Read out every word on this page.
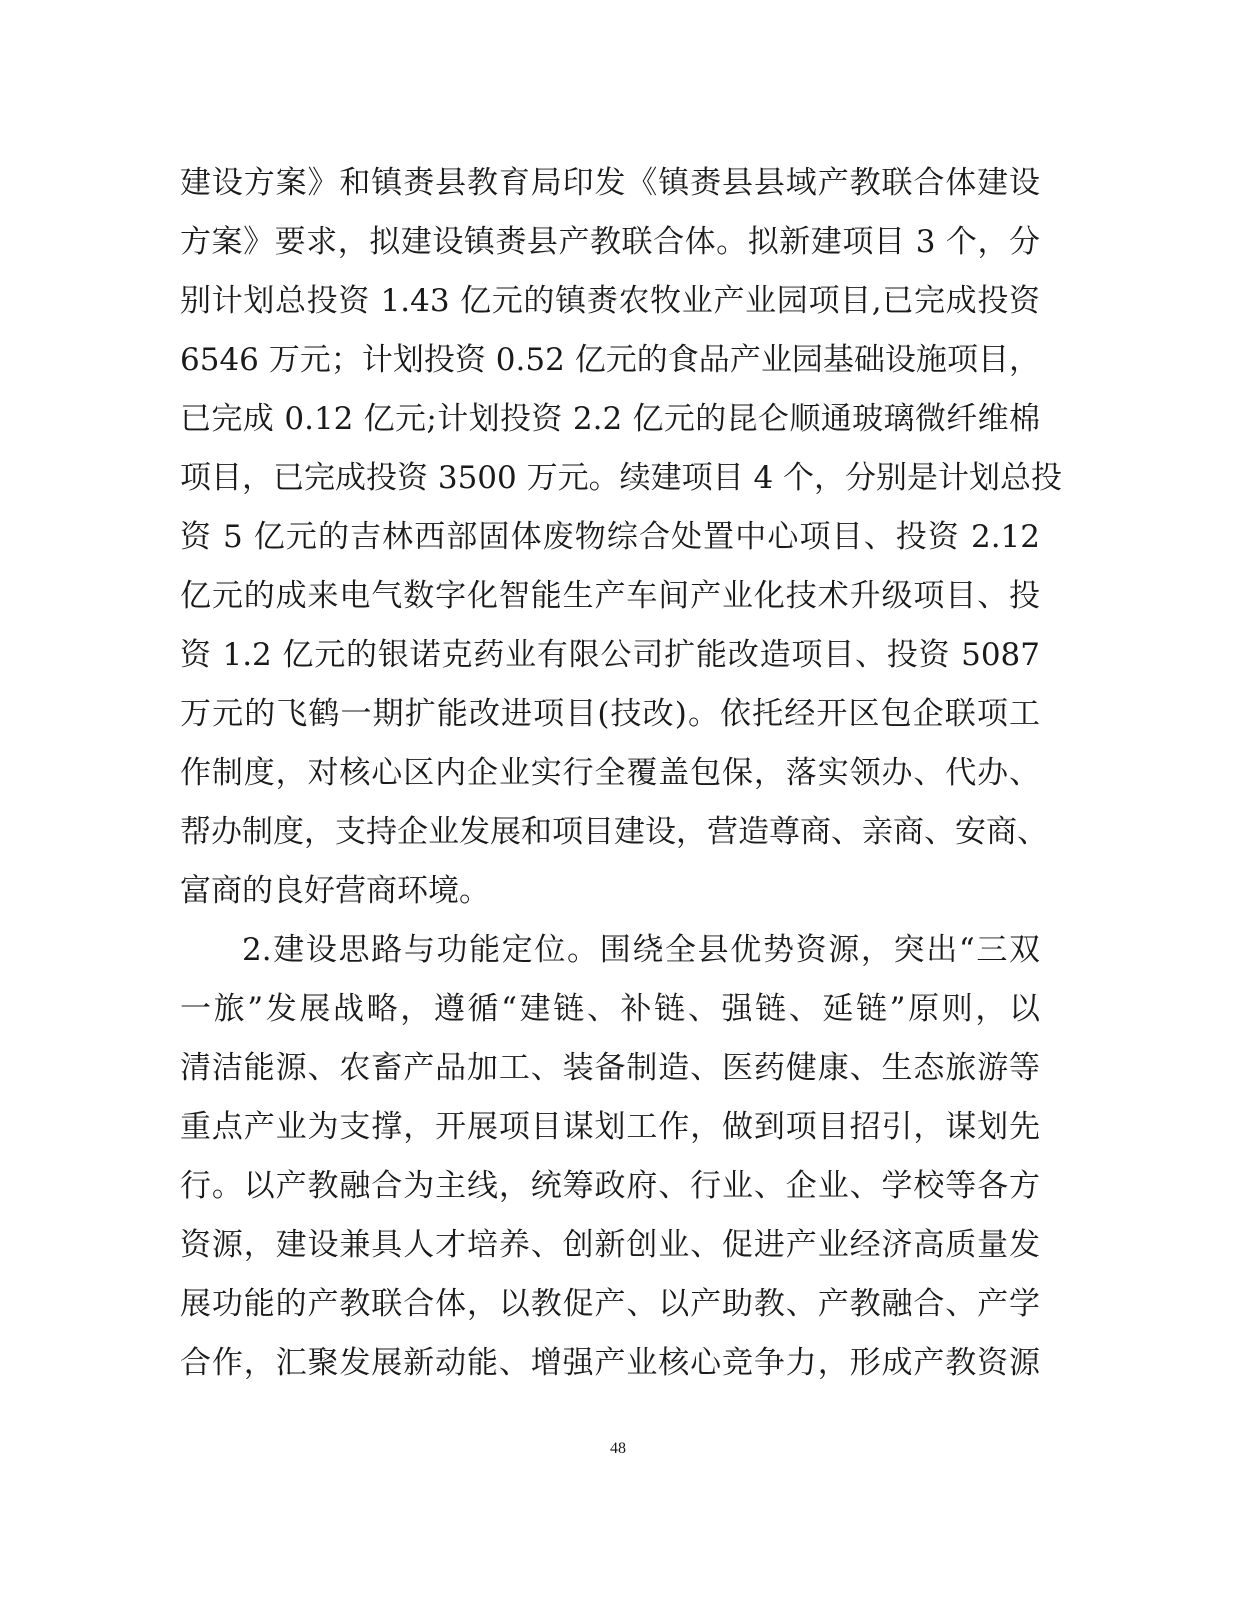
建设方案》和镇赉县教育局印发《镇赉县县域产教联合体建设
方案》要求，拟建设镇赉县产教联合体。拟新建项目 3 个，分
别计划总投资 1.43 亿元的镇赉农牧业产业园项目,已完成投资
6546 万元；计划投资 0.52 亿元的食品产业园基础设施项目，
已完成 0.12 亿元;计划投资 2.2 亿元的昆仑顺通玻璃微纤维棉
项目，已完成投资 3500 万元。续建项目 4 个，分别是计划总投
资 5 亿元的吉林西部固体废物综合处置中心项目、投资 2.12
亿元的成来电气数字化智能生产车间产业化技术升级项目、投
资 1.2 亿元的银诺克药业有限公司扩能改造项目、投资 5087
万元的飞鹤一期扩能改进项目(技改)。依托经开区包企联项工
作制度，对核心区内企业实行全覆盖包保，落实领办、代办、
帮办制度，支持企业发展和项目建设，营造尊商、亲商、安商、
富商的良好营商环境。
2.建设思路与功能定位。围绕全县优势资源，突出“三双
一旅”发展战略，遵循“建链、补链、强链、延链”原则，以
清洁能源、农畜产品加工、装备制造、医药健康、生态旅游等
重点产业为支撑，开展项目谋划工作，做到项目招引，谋划先
行。以产教融合为主线，统筹政府、行业、企业、学校等各方
资源，建设兼具人才培养、创新创业、促进产业经济高质量发
展功能的产教联合体，以教促产、以产助教、产教融合、产学
合作，汇聚发展新动能、增强产业核心竞争力，形成产教资源
48
